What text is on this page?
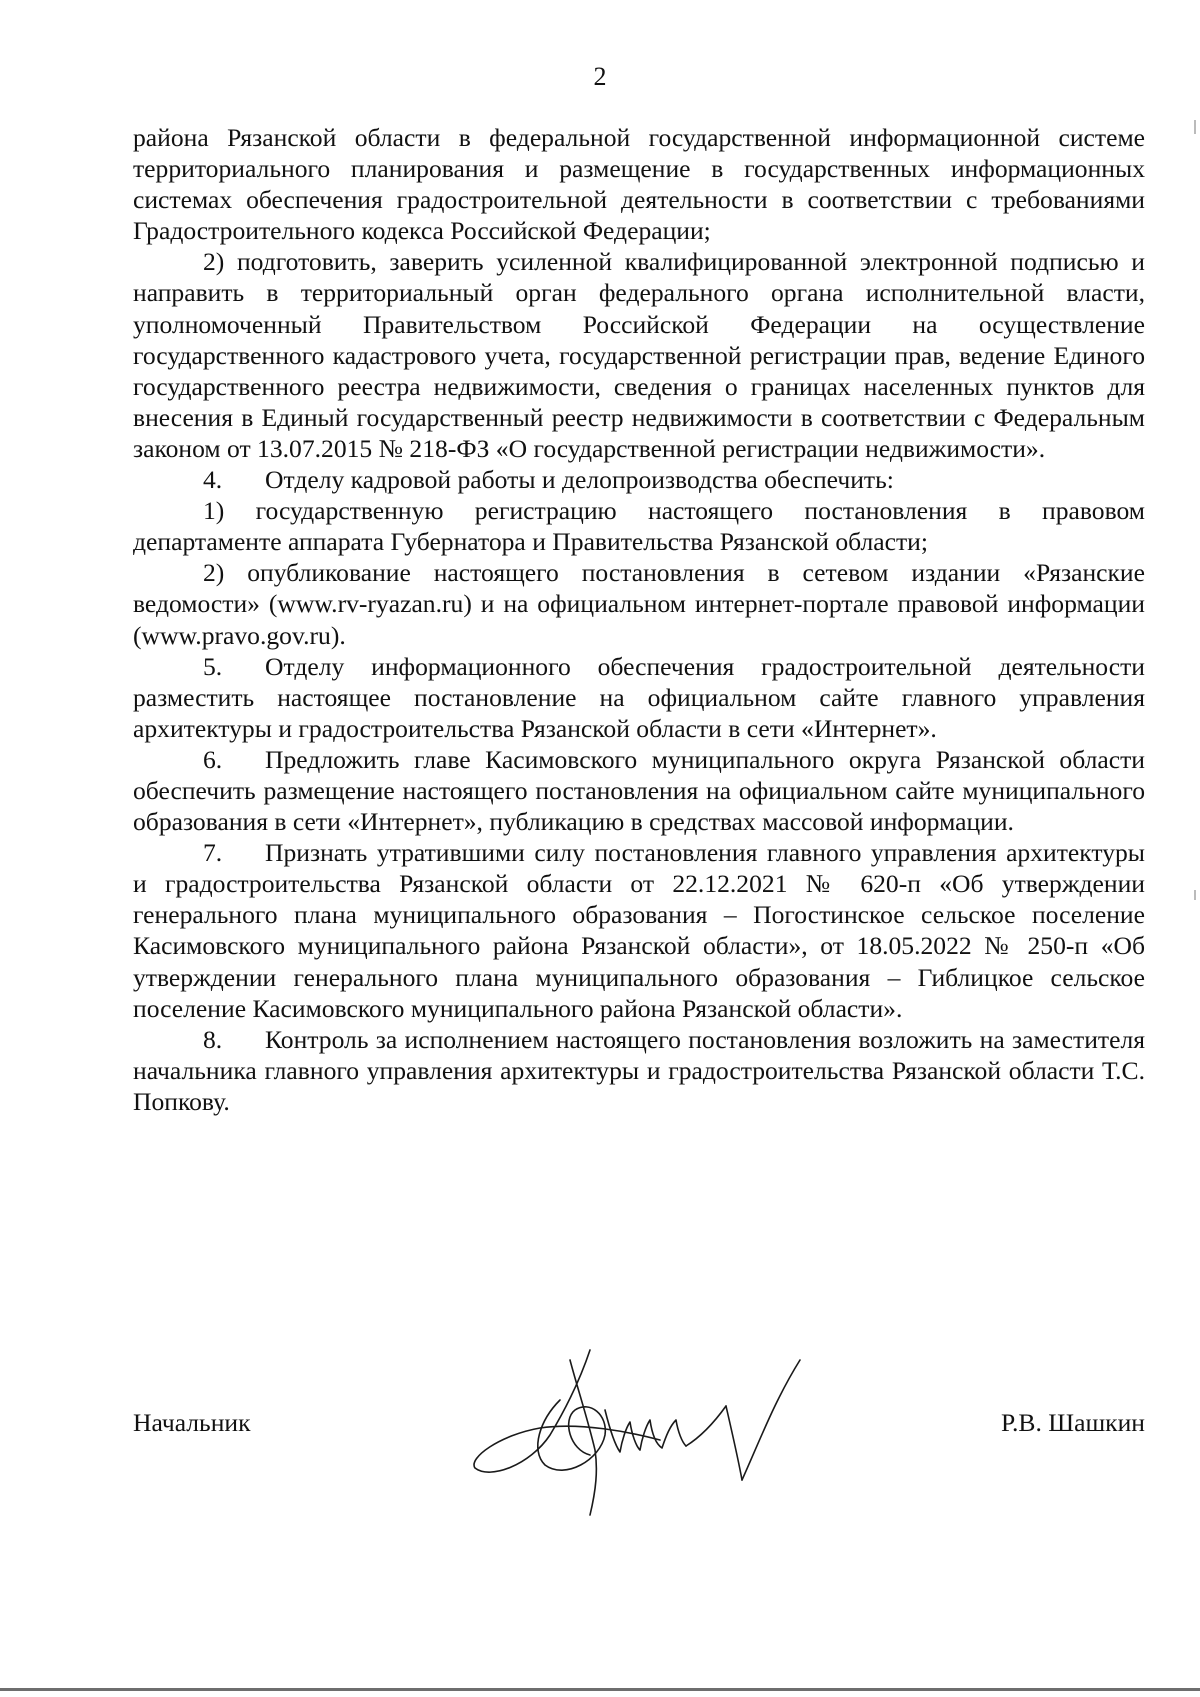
2

района Рязанской области в федеральной государственной информационной системе территориального планирования и размещение в государственных информационных системах обеспечения градостроительной деятельности в соответствии с требованиями Градостроительного кодекса Российской Федерации;

2) подготовить, заверить усиленной квалифицированной электронной подписью и направить в территориальный орган федерального органа исполнительной власти, уполномоченный Правительством Российской Федерации на осуществление государственного кадастрового учета, государственной регистрации прав, ведение Единого государственного реестра недвижимости, сведения о границах населенных пунктов для внесения в Единый государственный реестр недвижимости в соответствии с Федеральным законом от 13.07.2015 № 218-ФЗ «О государственной регистрации недвижимости».

4. Отделу кадровой работы и делопроизводства обеспечить:

1) государственную регистрацию настоящего постановления в правовом департаменте аппарата Губернатора и Правительства Рязанской области;

2) опубликование настоящего постановления в сетевом издании «Рязанские ведомости» (www.rv-ryazan.ru) и на официальном интернет-портале правовой информации (www.pravo.gov.ru).

5. Отделу информационного обеспечения градостроительной деятельности разместить настоящее постановление на официальном сайте главного управления архитектуры и градостроительства Рязанской области в сети «Интернет».

6. Предложить главе Касимовского муниципального округа Рязанской области обеспечить размещение настоящего постановления на официальном сайте муниципального образования в сети «Интернет», публикацию в средствах массовой информации.

7. Признать утратившими силу постановления главного управления архитектуры и градостроительства Рязанской области от 22.12.2021 № 620-п «Об утверждении генерального плана муниципального образования – Погостинское сельское поселение Касимовского муниципального района Рязанской области», от 18.05.2022 № 250-п «Об утверждении генерального плана муниципального образования – Гиблицкое сельское поселение Касимовского муниципального района Рязанской области».

8. Контроль за исполнением настоящего постановления возложить на заместителя начальника главного управления архитектуры и градостроительства Рязанской области Т.С. Попкову.

Начальник	Р.В. Шашкин
